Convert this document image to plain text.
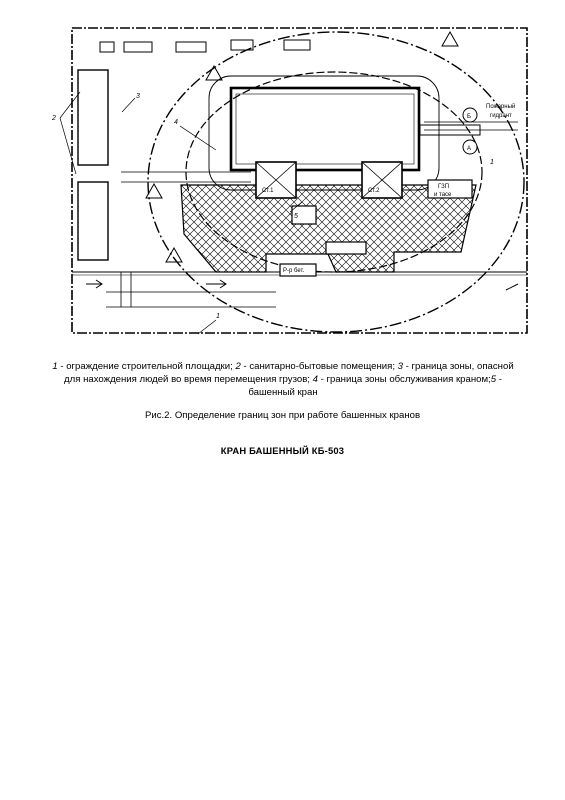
2
3
4
5
1
1
Пожарный
гидрант
Ст.1	Ст.2
ГЗП
и тасе
Р-р бет.
Б
А
1 - ограждение строительной площадки; 2 - санитарно-бытовые помещения; 3 - граница зоны, опасной для нахождения людей во время перемещения грузов; 4 - граница зоны обслуживания краном;5 - башенный кран
Рис.2. Определение границ зон при работе башенных кранов
КРАН БАШЕННЫЙ КБ-503
